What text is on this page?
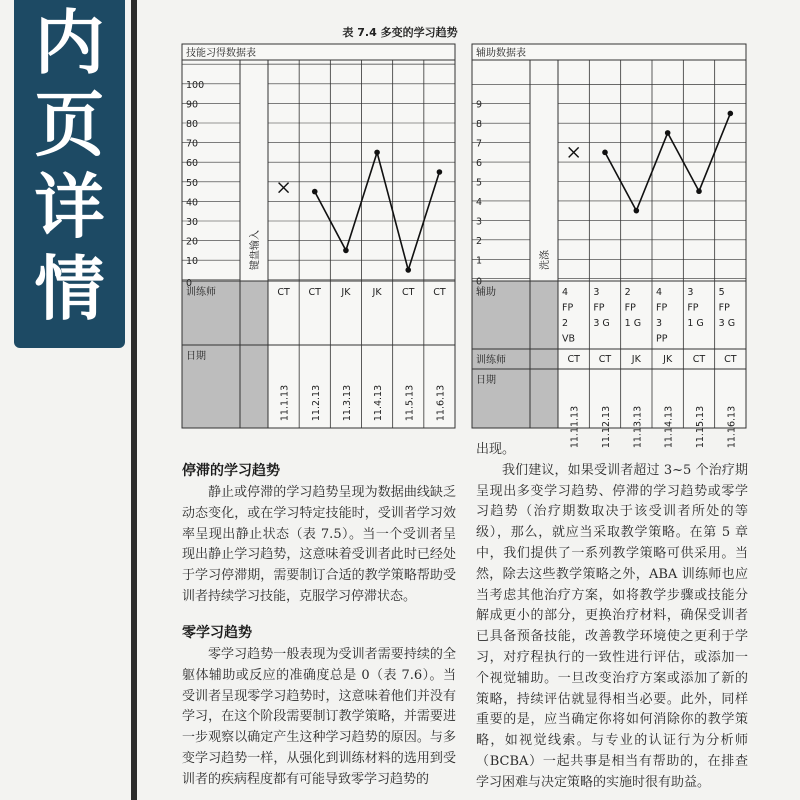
内
页
详
情
表 7.4 多变的学习趋势
技能习得数据表
100
90
80
70
60
50
40
30
20
10
0
键盘输入
训练师
日期
CT
11.1.13
CT
11.2.13
JK
11.3.13
JK
11.4.13
CT
11.5.13
CT
11.6.13
辅助数据表
9
8
7
6
5
4
3
2
1
0
洗涤
辅助
训练师
日期
CT
11.11.13
4
FP
2
VB
CT
11.12.13
3
FP
3 G
JK
11.13.13
2
FP
1 G
JK
11.14.13
4
FP
3
PP
CT
11.15.13
3
FP
1 G
CT
11.16.13
5
FP
3 G
停滞的学习趋势

静止或停滞的学习趋势呈现为数据曲线缺乏动态变化，或在学习特定技能时，受训者学习效率呈现出静止状态（表 7.5）。当一个受训者呈现出静止学习趋势，这意味着受训者此时已经处于学习停滞期，需要制订合适的教学策略帮助受训者持续学习技能，克服学习停滞状态。

零学习趋势

零学习趋势一般表现为受训者需要持续的全躯体辅助或反应的准确度总是 0（表 7.6）。当受训者呈现零学习趋势时，这意味着他们并没有学习，在这个阶段需要制订教学策略，并需要进一步观察以确定产生这种学习趋势的原因。与多变学习趋势一样，从强化到训练材料的选用到受训者的疾病程度都有可能导致零学习趋势的

出现。

我们建议，如果受训者超过 3~5 个治疗期呈现出多变学习趋势、停滞的学习趋势或零学习趋势（治疗期数取决于该受训者所处的等级），那么，就应当采取教学策略。在第 5 章中，我们提供了一系列教学策略可供采用。当然，除去这些教学策略之外，ABA 训练师也应当考虑其他治疗方案，如将教学步骤或技能分解成更小的部分，更换治疗材料，确保受训者已具备预备技能，改善教学环境使之更利于学习，对疗程执行的一致性进行评估，或添加一个视觉辅助。一旦改变治疗方案或添加了新的策略，持续评估就显得相当必要。此外，同样重要的是，应当确定你将如何消除你的教学策略，如视觉线索。与专业的认证行为分析师（BCBA）一起共事是相当有帮助的，在排查学习困难与决定策略的实施时很有助益。
